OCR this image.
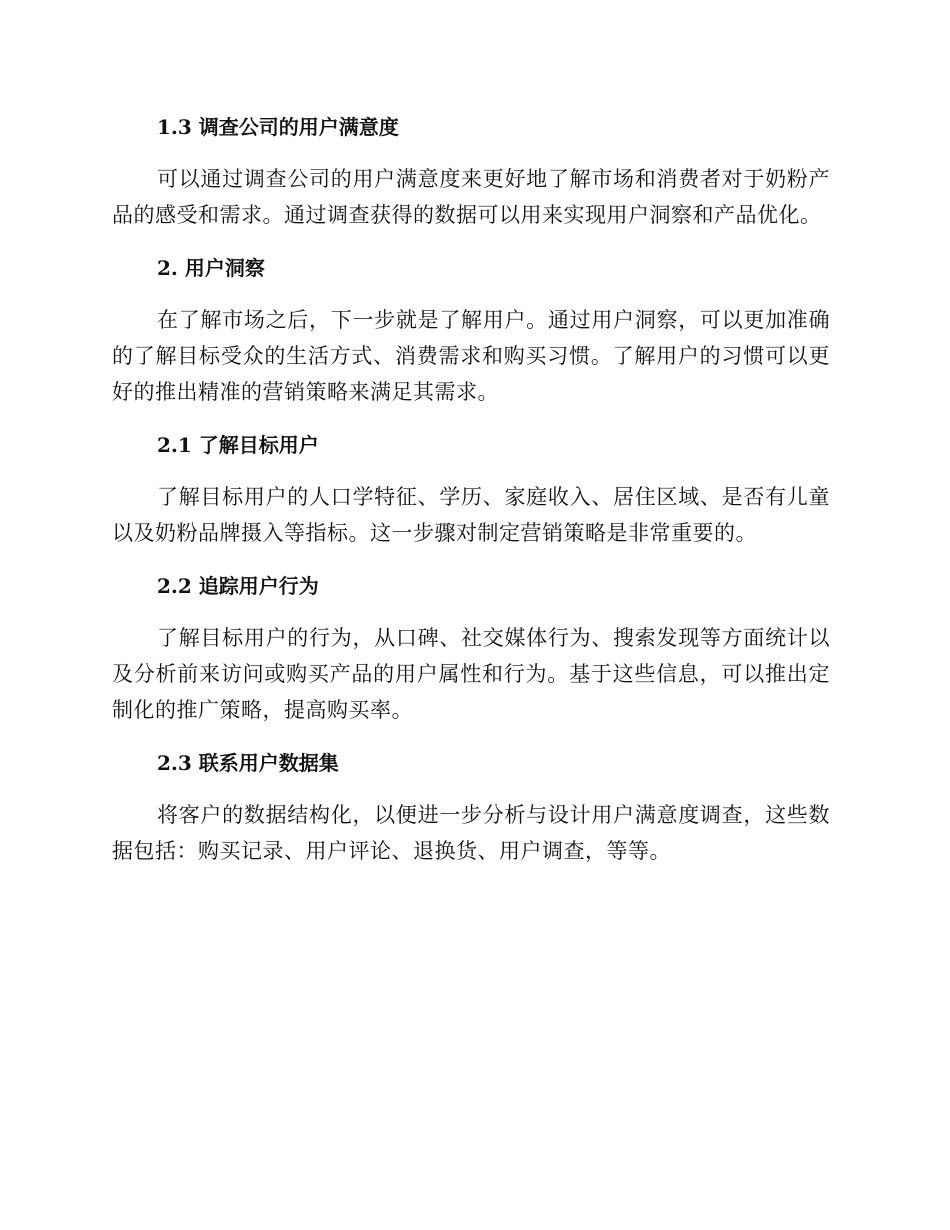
1.3 调查公司的用户满意度

可以通过调查公司的用户满意度来更好地了解市场和消费者对于奶粉产品的感受和需求。通过调查获得的数据可以用来实现用户洞察和产品优化。

2. 用户洞察

在了解市场之后，下一步就是了解用户。通过用户洞察，可以更加准确的了解目标受众的生活方式、消费需求和购买习惯。了解用户的习惯可以更好的推出精准的营销策略来满足其需求。

2.1 了解目标用户

了解目标用户的人口学特征、学历、家庭收入、居住区域、是否有儿童以及奶粉品牌摄入等指标。这一步骤对制定营销策略是非常重要的。

2.2 追踪用户行为

了解目标用户的行为，从口碑、社交媒体行为、搜索发现等方面统计以及分析前来访问或购买产品的用户属性和行为。基于这些信息，可以推出定制化的推广策略，提高购买率。

2.3 联系用户数据集

将客户的数据结构化，以便进一步分析与设计用户满意度调查，这些数据包括：购买记录、用户评论、退换货、用户调查，等等。
